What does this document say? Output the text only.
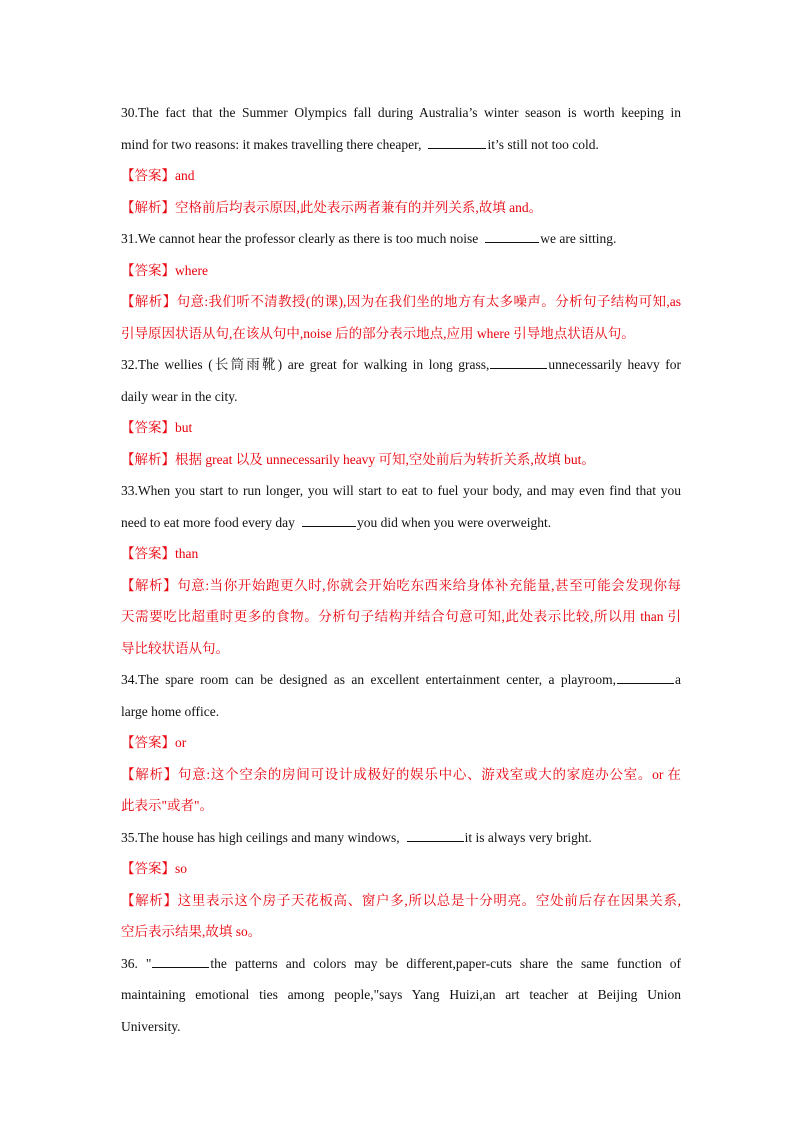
30.The fact that the Summer Olympics fall during Australia’s winter season is worth keeping in
mind for two reasons: it makes travelling there cheaper,	it’s still not too cold.
【答案】and
【解析】空格前后均表示原因,此处表示两者兼有的并列关系,故填 and。
31.We cannot hear the professor clearly as there is too much noise	we are sitting.
【答案】where
【解析】句意:我们听不清教授(的课),因为在我们坐的地方有太多噪声。分析句子结构可知,as
引导原因状语从句,在该从句中,noise 后的部分表示地点,应用 where 引导地点状语从句。
32.The wellies (长筒雨靴) are great for walking in long grass,	unnecessarily heavy for
daily wear in the city.
【答案】but
【解析】根据 great 以及 unnecessarily heavy 可知,空处前后为转折关系,故填 but。
33.When you start to run longer, you will start to eat to fuel your body, and may even find that you
need to eat more food every day	you did when you were overweight.
【答案】than
【解析】句意:当你开始跑更久时,你就会开始吃东西来给身体补充能量,甚至可能会发现你每
天需要吃比超重时更多的食物。分析句子结构并结合句意可知,此处表示比较,所以用 than 引
导比较状语从句。
34.The spare room can be designed as an excellent entertainment center, a playroom,	a
large home office.
【答案】or
【解析】句意:这个空余的房间可设计成极好的娱乐中心、游戏室或大的家庭办公室。or 在
此表示"或者"。
35.The house has high ceilings and many windows,	it is always very bright.
【答案】so
【解析】这里表示这个房子天花板高、窗户多,所以总是十分明亮。空处前后存在因果关系,
空后表示结果,故填 so。
36. "	the patterns and colors may be different,paper-cuts share the same function of
maintaining emotional ties among people,"says Yang Huizi,an art teacher at Beijing Union
University.
